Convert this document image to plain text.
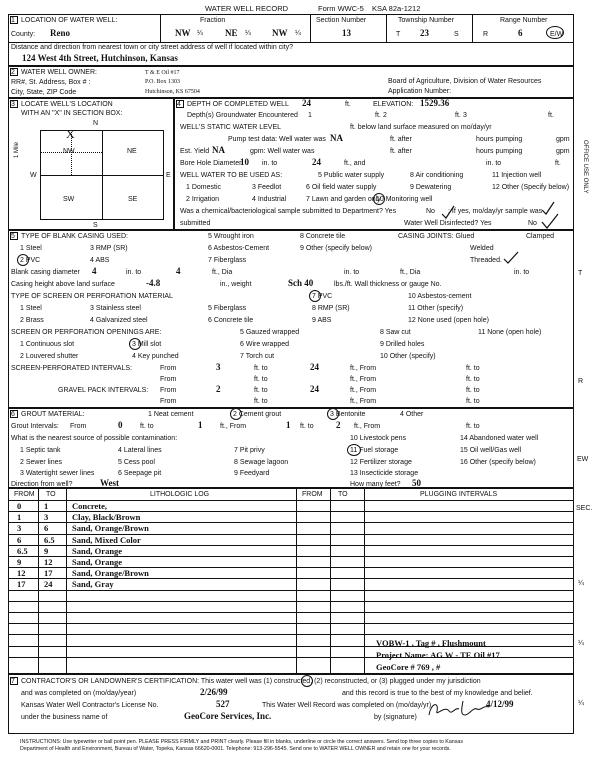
WATER WELL RECORD	Form WWC-5 KSA 82a-1212
1 LOCATION OF WATER WELL:	Fraction	Section Number	Township Number	Range Number
County: Reno	NW ¼ NE ¼ NW ¼	13	T 23	S	R	6	E/W
Distance and direction from nearest town or city street address of well if located within city?
124 West 4th Street, Hutchinson, Kansas
2 WATER WELL OWNER:	T & E Oil #17
RR#, St. Address, Box # :	P.O. Box 1303
City, State, ZIP Code	Hutchinson, KS 67504
Board of Agriculture, Division of Water Resources
Application Number:
3 LOCATE WELL'S LOCATION
WITH AN "X" IN SECTION BOX:
N
S
W	E
NW	NE
SW	SE
X
1 Mile
4 DEPTH OF COMPLETED WELL 24	ft.	ELEVATION: 1529.36
Depth(s) Groundwater Encountered 1	ft. 2	ft. 3	ft.
WELL'S STATIC WATER LEVEL	ft. below land surface measured on mo/day/yr
Pump test data: Well water was NA	ft. after	hours pumping	gpm
Est. Yield NA	gpm: Well water was	ft. after	hours pumping	gpm
Bore Hole Diameter
10 in. to	24	ft., and	in. to	ft.
WELL WATER TO BE USED AS:	5 Public water supply	8 Air conditioning	11 Injection well
1 Domestic	3 Feedlot	6 Oil field water supply	9 Dewatering	12 Other (Specify below)
2 Irrigation	4 Industrial	7 Lawn and garden only
10 Monitoring well
Was a chemical/bacteriological sample submitted to Department? Yes	No ; If yes, mo/day/yr sample was
submitted	Water Well Disinfected? Yes	No
5 TYPE OF BLANK CASING USED:	5 Wrought iron	8 Concrete tile	CASING JOINTS: Glued	Clamped
1 Steel	3 RMP (SR)	6 Asbestos-Cement	9 Other (specify below)	Welded
2 PVC	4 ABS	7 Fiberglass	Threaded.
Blank casing diameter 4	in. to	4	ft., Dia	in. to	ft., Dia	in. to
Casing height above land surface	-4.8	in., weight	Sch 40	lbs./ft. Wall thickness or gauge No.
TYPE OF SCREEN OR PERFORATION MATERIAL	7 PVC	10 Asbestos-cement
1 Steel	3 Stainless steel	5 Fiberglass	8 RMP (SR)	11 Other (specify)
2 Brass	4 Galvanized steel	6 Concrete tile	9 ABS	12 None used (open hole)
SCREEN OR PERFORATION OPENINGS ARE:	5 Gauzed wrapped	8 Saw cut	11 None (open hole)
1 Continuous slot	3 Mill slot	6 Wire wrapped	9 Drilled holes
2 Louvered shutter	4 Key punched	7 Torch cut	10 Other (specify)
SCREEN-PERFORATED INTERVALS:	From	3	ft. to	24	ft., From	ft. to
From	ft. to	ft., From	ft. to
GRAVEL PACK INTERVALS: From	2	ft. to	24	ft., From	ft. to
From	ft. to	ft., From	ft. to
6 GROUT MATERIAL:	1 Neat cement	2 Cement grout	3 Bentonite	4 Other
Grout Intervals: From	0	ft. to	1	ft., From	1 ft. to 2 ft., From	ft. to
What is the nearest source of possible contamination:	10 Livestock pens	14 Abandoned water well
1 Septic tank	4 Lateral lines	7 Pit privy	11 Fuel storage	15 Oil well/Gas well
2 Sewer lines	5 Cess pool	8 Sewage lagoon	12 Fertilizer storage	16 Other (specify below)
3 Watertight sewer lines	6 Seepage pit	9 Feedyard	13 Insecticide storage
Direction from well?	West	How many feet? 50
FROM TO	LITHOLOGIC LOG	FROM TO	PLUGGING INTERVALS
VOBW-1 , Tag # , Flushmount
Project Name: AG W - TE Oil #17
GeoCore # 769 , #
7 CONTRACTOR'S OR LANDOWNER'S CERTIFICATION: This water well was (1) constructed, (2) reconstructed, or (3) plugged under my jurisdiction
and was completed on (mo/day/year)	2/26/99	and this record is true to the best of my knowledge and belief.
Kansas Water Well Contractor's License No.	527	This Water Well Record was completed on (mo/day/yr)	4/12/99
under the business name of	GeoCore Services, Inc.	by (signature)
INSTRUCTIONS: Use typewriter or ball point pen. PLEASE PRESS FIRMLY and PRINT clearly. Please fill in blanks, underline or circle the correct answers. Send top three copies to Kansas
Department of Health and Environment, Bureau of Water, Topeka, Kansas 66620-0001. Telephone: 913-296-5545. Send one to WATER WELL OWNER and retain one for your records.
OFFICE USE ONLY
T
R
EW
SEC.
¼
¼
¼
0	1	Concrete,
1	3	Clay, Black/Brown
3	6	Sand, Orange/Brown
6	6.5 Sand, Mixed Color
6.5 9	Sand, Orange
9	12 Sand, Orange
12 17 Sand, Orange/Brown
17 24 Sand, Gray
